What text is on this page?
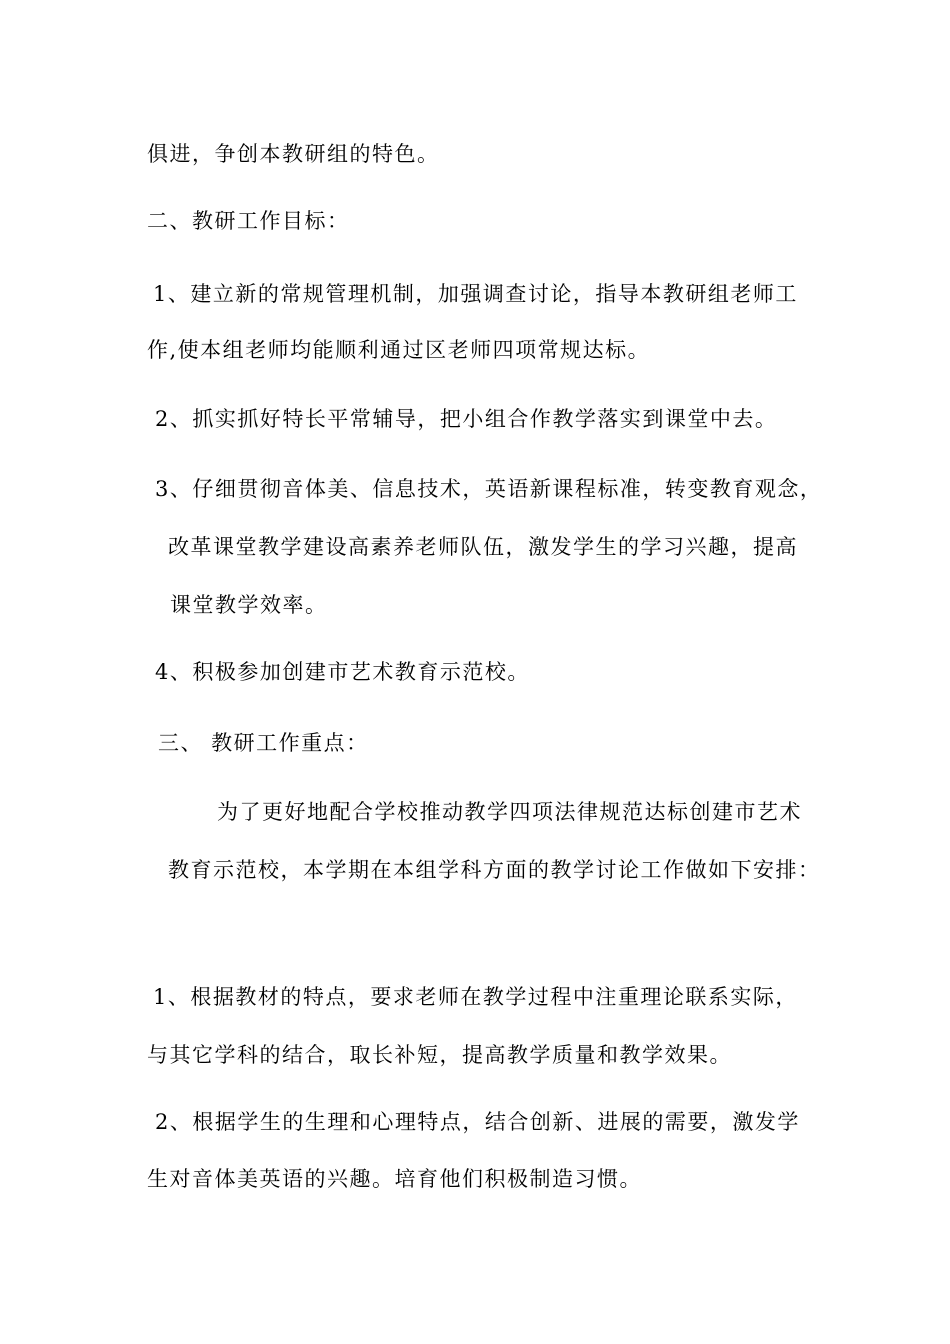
俱进，争创本教研组的特色。
二、教研工作目标：
1、建立新的常规管理机制，加强调查讨论，指导本教研组老师工
作,使本组老师均能顺利通过区老师四项常规达标。
2、抓实抓好特长平常辅导，把小组合作教学落实到课堂中去。
3、仔细贯彻音体美、信息技术，英语新课程标准，转变教育观念，
改革课堂教学建设高素养老师队伍，激发学生的学习兴趣，提高
课堂教学效率。
4、积极参加创建市艺术教育示范校。
三、 教研工作重点：
为了更好地配合学校推动教学四项法律规范达标创建市艺术
教育示范校，本学期在本组学科方面的教学讨论工作做如下安排：
1、根据教材的特点，要求老师在教学过程中注重理论联系实际，
与其它学科的结合，取长补短，提高教学质量和教学效果。
2、根据学生的生理和心理特点，结合创新、进展的需要，激发学
生对音体美英语的兴趣。培育他们积极制造习惯。
